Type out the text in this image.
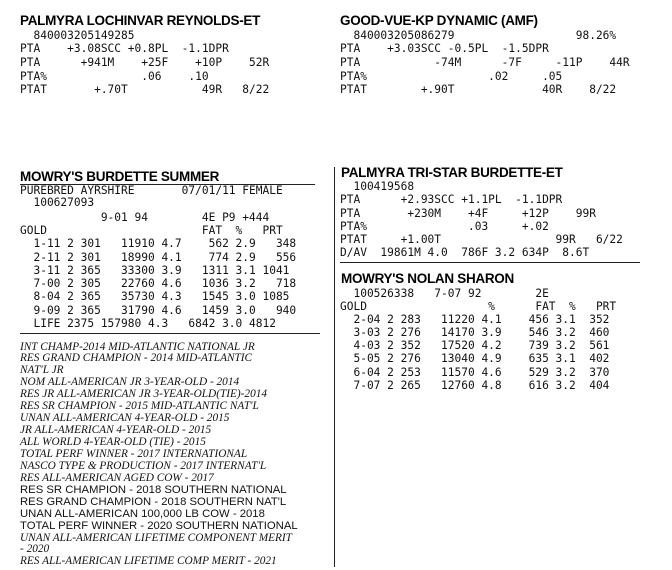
PALMYRA LOCHINVAR REYNOLDS-ET
840003205149285
PTA    +3.08SCC +0.8PL  -1.1DPR
PTA      +941M    +25F    +10P    52R
PTA%              .06    .10
PTAT       +.70T           49R   8/22
GOOD-VUE-KP DYNAMIC (AMF)
840003205086279                  98.26%
PTA    +3.03SCC -0.5PL  -1.5DPR
PTA           -74M      -7F     -11P    44R
PTA%                  .02     .05
PTAT        +.90T             40R    8/22
MOWRY'S BURDETTE SUMMER
PUREBRED AYRSHIRE       07/01/11 FEMALE
100627093
9-01 94        4E P9 +444
GOLD                       FAT  %   PRT
1-11 2 301   11910 4.7    562 2.9   348
2-11 2 301   18990 4.1    774 2.9   556
3-11 2 365   33300 3.9   1311 3.1 1041
7-00 2 305   22760 4.6   1036 3.2   718
8-04 2 365   35730 4.3   1545 3.0 1085
9-09 2 365   31790 4.6   1459 3.0   940
LIFE 2375 157980 4.3   6842 3.0 4812
INT CHAMP-2014 MID-ATLANTIC NATIONAL JR
RES GRAND CHAMPION - 2014 MID-ATLANTIC
NAT'L JR
NOM ALL-AMERICAN JR 3-YEAR-OLD - 2014
RES JR ALL-AMERICAN JR 3-YEAR-OLD(TIE)-2014
RES SR CHAMPION - 2015 MID-ATLANTIC NAT'L
UNAN ALL-AMERICAN 4-YEAR-OLD - 2015
JR ALL-AMERICAN 4-YEAR-OLD - 2015
ALL WORLD 4-YEAR-OLD (TIE) - 2015
TOTAL PERF WINNER - 2017 INTERNATIONAL
NASCO TYPE & PRODUCTION - 2017 INTERNAT'L
RES ALL-AMERICAN AGED COW - 2017
RES SR CHAMPION - 2018 SOUTHERN NATIONAL
RES GRAND CHAMPION - 2018 SOUTHERN NAT'L
UNAN ALL-AMERICAN 100,000 LB COW - 2018
TOTAL PERF WINNER - 2020 SOUTHERN NATIONAL
UNAN ALL-AMERICAN LIFETIME COMPONENT MERIT
- 2020
RES ALL-AMERICAN LIFETIME COMP MERIT - 2021
PALMYRA TRI-STAR BURDETTE-ET
100419568
PTA      +2.93SCC +1.1PL  -1.1DPR
PTA       +230M    +4F     +12P    99R
PTA%               .03     +.02
PTAT     +1.00T                 99R   6/22
D/AV  19861M 4.0  786F 3.2 634P  8.6T
MOWRY'S NOLAN SHARON
100526338   7-07 92        2E
GOLD                  %      FAT  %   PRT
2-04 2 283   11220 4.1    456 3.1  352
3-03 2 276   14170 3.9    546 3.2  460
4-03 2 352   17520 4.2    739 3.2  561
5-05 2 276   13040 4.9    635 3.1  402
6-04 2 253   11570 4.6    529 3.2  370
7-07 2 265   12760 4.8    616 3.2  404
